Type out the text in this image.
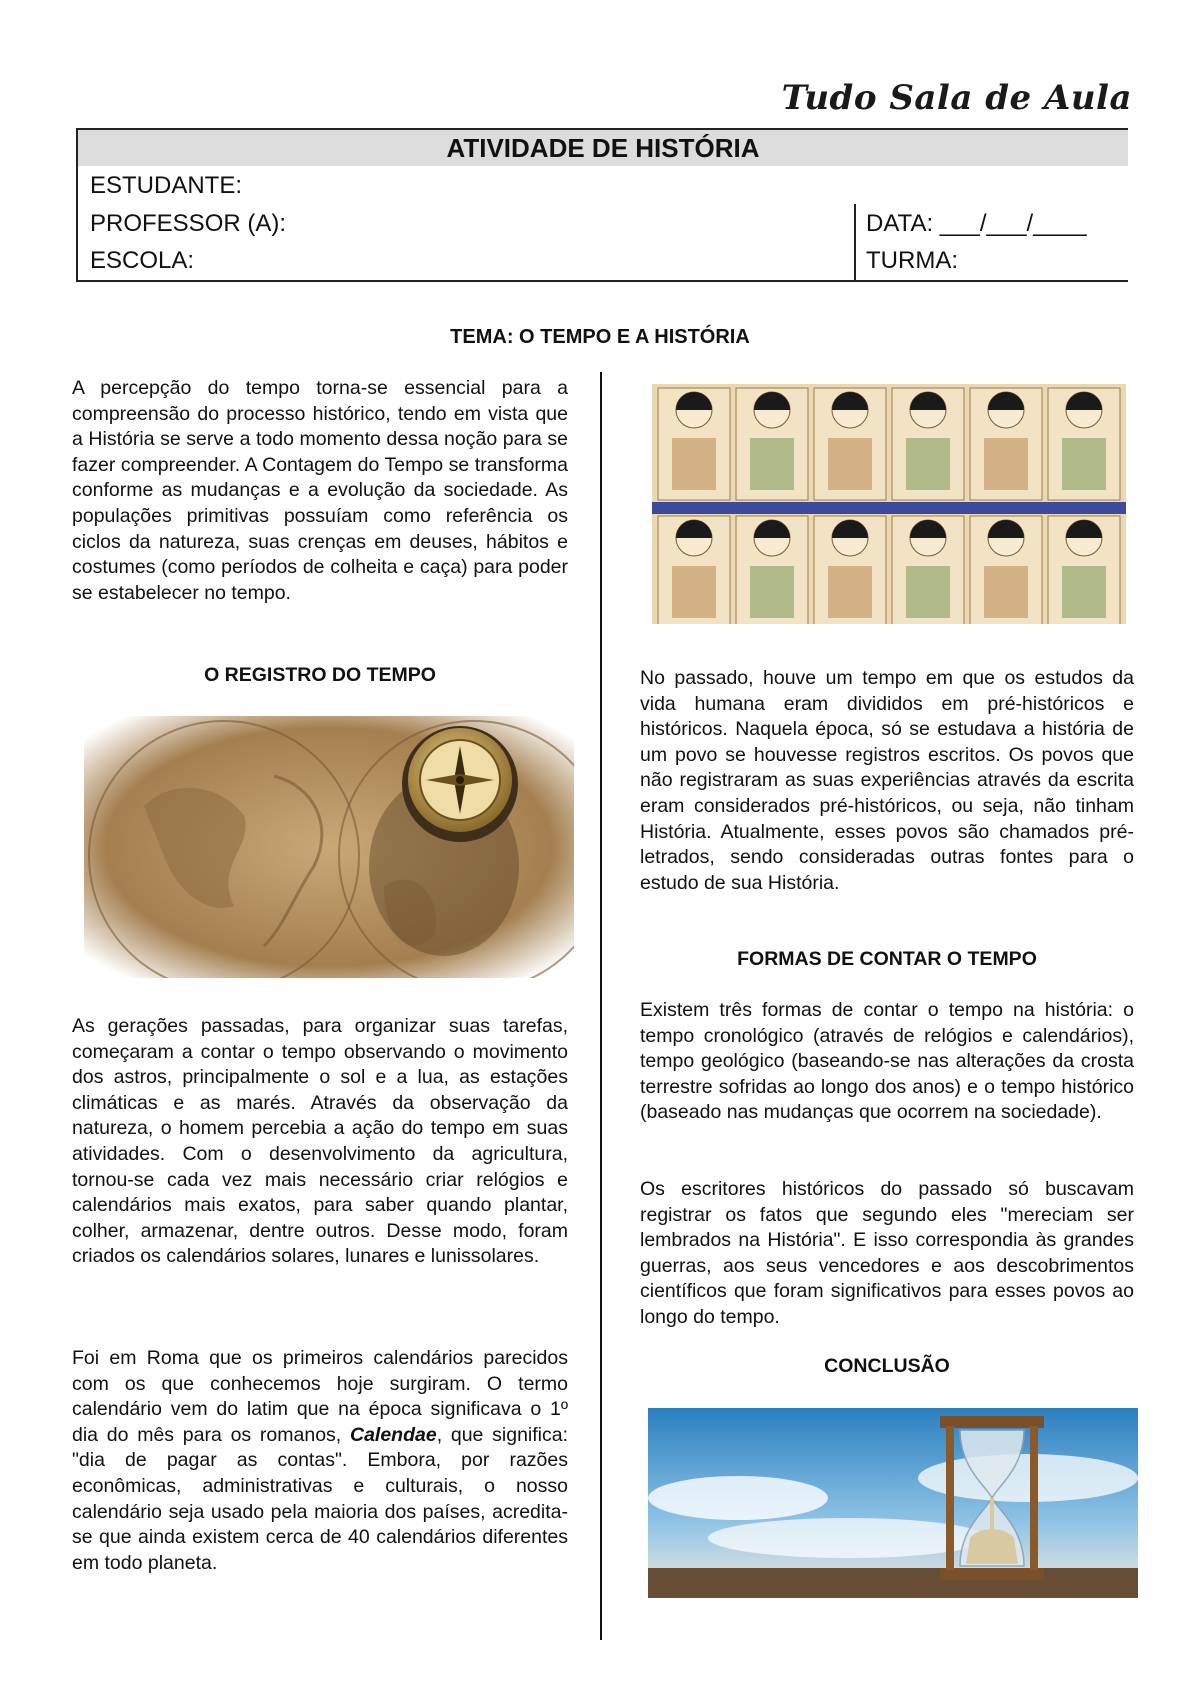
Tudo Sala de Aula
ATIVIDADE DE HISTÓRIA
ESTUDANTE:
PROFESSOR (A):
ESCOLA:
DATA: ___/___/____
TURMA:
TEMA: O TEMPO E A HISTÓRIA

A percepção do tempo torna-se essencial para a compreensão do processo histórico, tendo em vista que a História se serve a todo momento dessa noção para se fazer compreender. A Contagem do Tempo se transforma conforme as mudanças e a evolução da sociedade. As populações primitivas possuíam como referência os ciclos da natureza, suas crenças em deuses, hábitos e costumes (como períodos de colheita e caça) para poder se estabelecer no tempo.

O REGISTRO DO TEMPO

As gerações passadas, para organizar suas tarefas, começaram a contar o tempo observando o movimento dos astros, principalmente o sol e a lua, as estações climáticas e as marés. Através da observação da natureza, o homem percebia a ação do tempo em suas atividades. Com o desenvolvimento da agricultura, tornou-se cada vez mais necessário criar relógios e calendários mais exatos, para saber quando plantar, colher, armazenar, dentre outros. Desse modo, foram criados os calendários solares, lunares e lunissolares.

Foi em Roma que os primeiros calendários parecidos com os que conhecemos hoje surgiram. O termo calendário vem do latim que na época significava o 1º dia do mês para os romanos, Calendae, que significa: "dia de pagar as contas". Embora, por razões econômicas, administrativas e culturais, o nosso calendário seja usado pela maioria dos países, acredita-se que ainda existem cerca de 40 calendários diferentes em todo planeta.

No passado, houve um tempo em que os estudos da vida humana eram divididos em pré-históricos e históricos. Naquela época, só se estudava a história de um povo se houvesse registros escritos. Os povos que não registraram as suas experiências através da escrita eram considerados pré-históricos, ou seja, não tinham História. Atualmente, esses povos são chamados pré-letrados, sendo consideradas outras fontes para o estudo de sua História.

FORMAS DE CONTAR O TEMPO

Existem três formas de contar o tempo na história: o tempo cronológico (através de relógios e calendários), tempo geológico (baseando-se nas alterações da crosta terrestre sofridas ao longo dos anos) e o tempo histórico (baseado nas mudanças que ocorrem na sociedade).

Os escritores históricos do passado só buscavam registrar os fatos que segundo eles "mereciam ser lembrados na História". E isso correspondia às grandes guerras, aos seus vencedores e aos descobrimentos científicos que foram significativos para esses povos ao longo do tempo.

CONCLUSÃO
